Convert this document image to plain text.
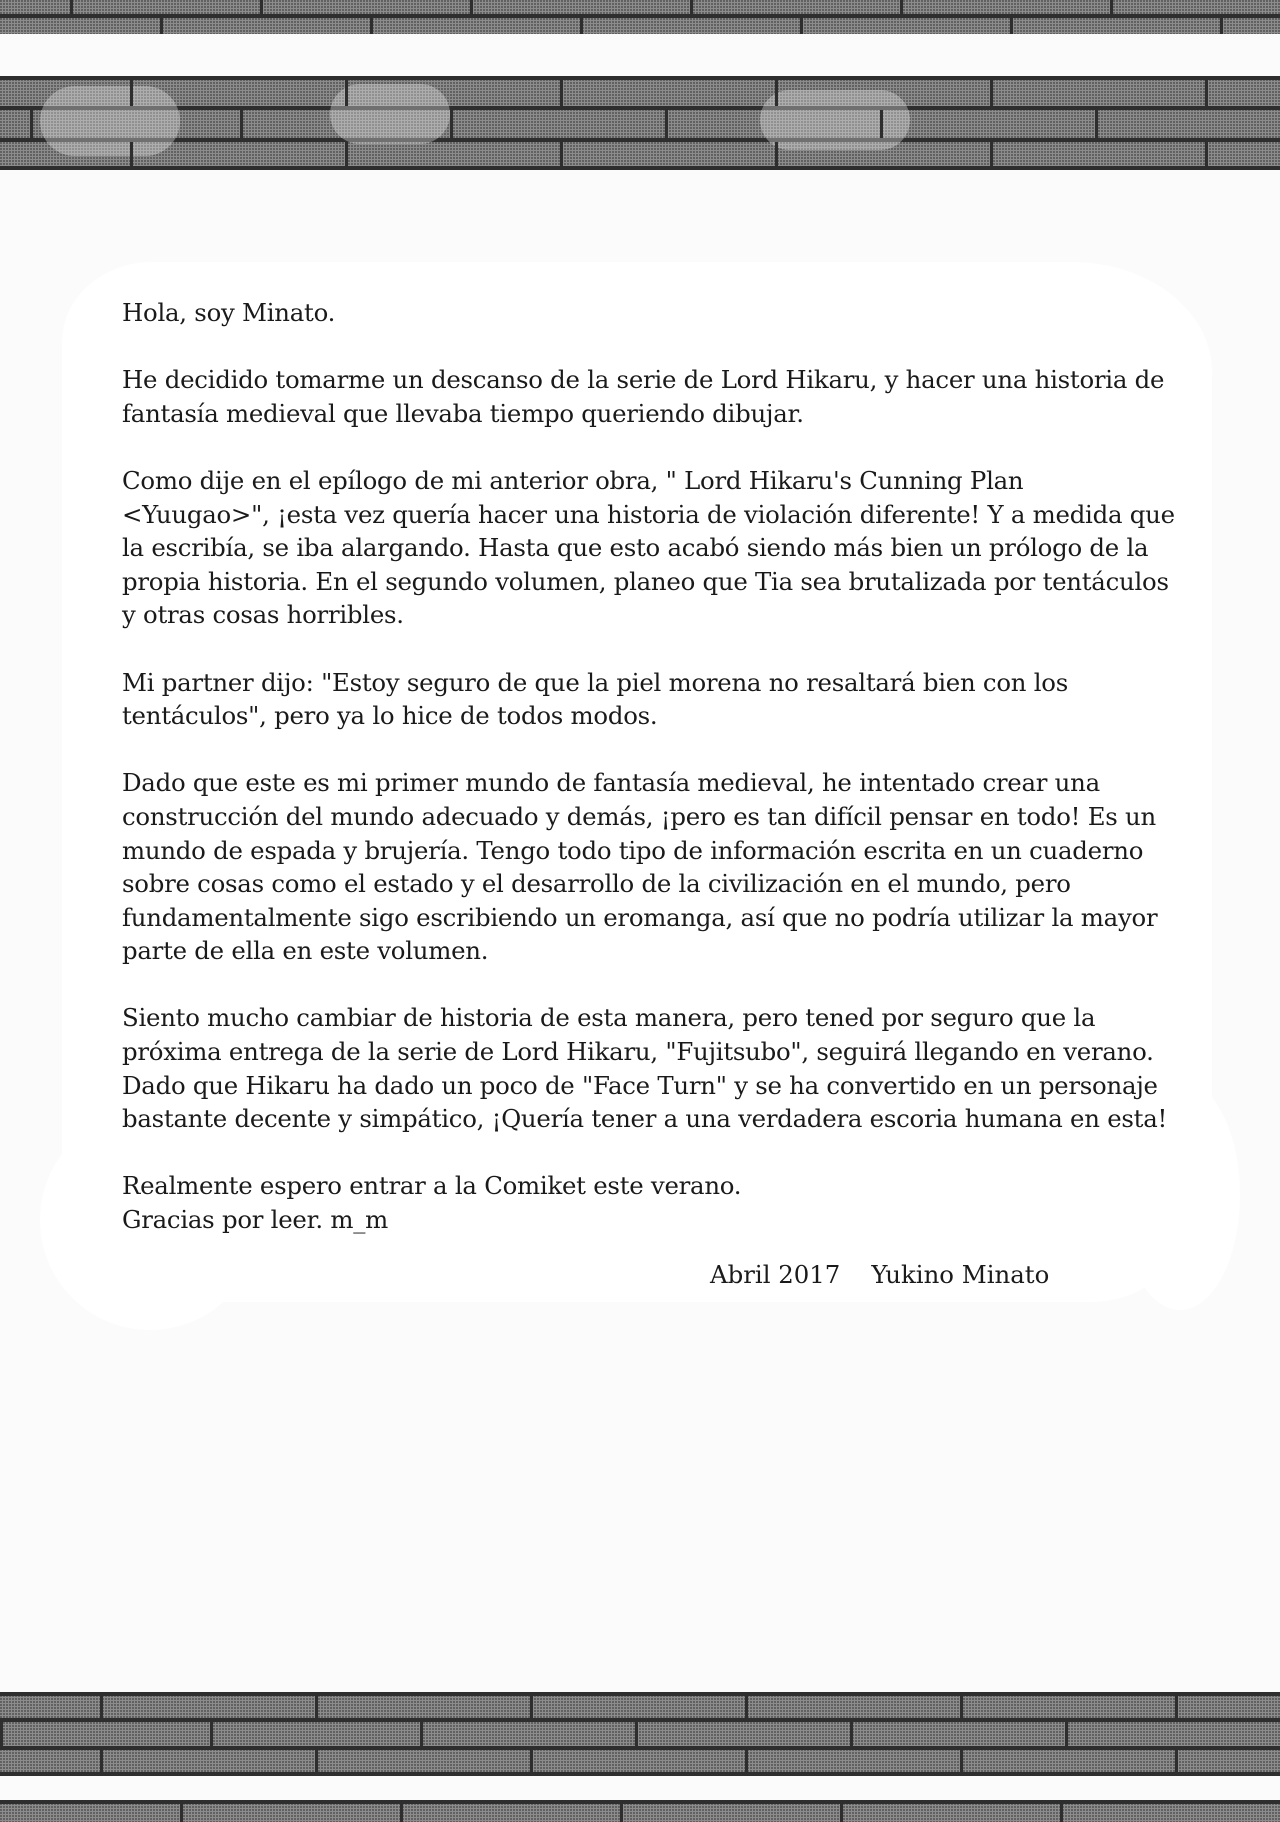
Hola, soy Minato.

He decidido tomarme un descanso de la serie de Lord Hikaru, y hacer una historia de
fantasía medieval que llevaba tiempo queriendo dibujar.

Como dije en el epílogo de mi anterior obra, " Lord Hikaru's Cunning Plan
<Yuugao>", ¡esta vez quería hacer una historia de violación diferente! Y a medida que
la escribía, se iba alargando. Hasta que esto acabó siendo más bien un prólogo de la
propia historia. En el segundo volumen, planeo que Tia sea brutalizada por tentáculos
y otras cosas horribles.

Mi partner dijo: "Estoy seguro de que la piel morena no resaltará bien con los
tentáculos", pero ya lo hice de todos modos.

Dado que este es mi primer mundo de fantasía medieval, he intentado crear una
construcción del mundo adecuado y demás, ¡pero es tan difícil pensar en todo! Es un
mundo de espada y brujería. Tengo todo tipo de información escrita en un cuaderno
sobre cosas como el estado y el desarrollo de la civilización en el mundo, pero
fundamentalmente sigo escribiendo un eromanga, así que no podría utilizar la mayor
parte de ella en este volumen.

Siento mucho cambiar de historia de esta manera, pero tened por seguro que la
próxima entrega de la serie de Lord Hikaru, "Fujitsubo", seguirá llegando en verano.
Dado que Hikaru ha dado un poco de "Face Turn" y se ha convertido en un personaje
bastante decente y simpático, ¡Quería tener a una verdadera escoria humana en esta!

Realmente espero entrar a la Comiket este verano.
Gracias por leer. m_m

Abril 2017    Yukino Minato
